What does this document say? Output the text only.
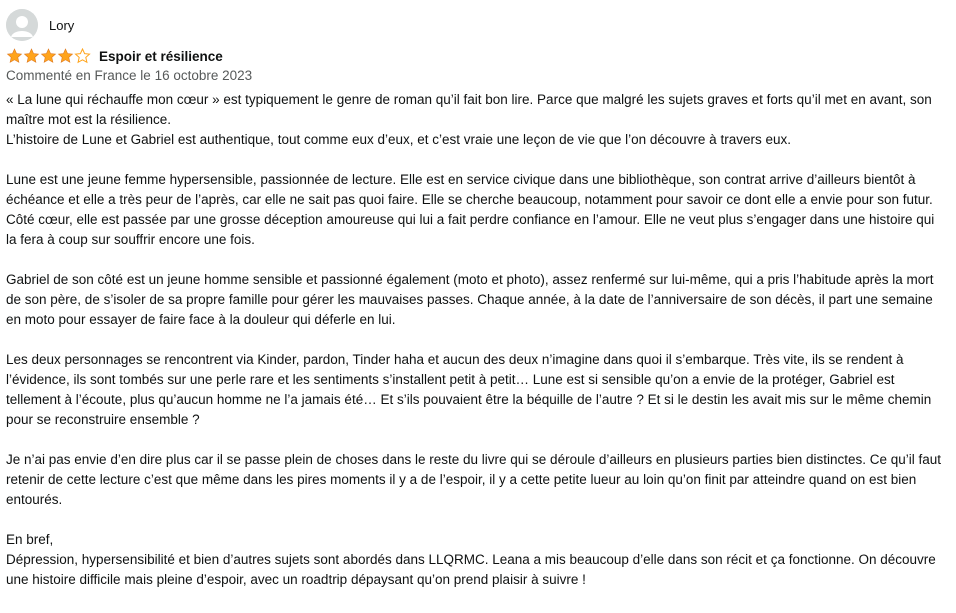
Lory
Espoir et résilience
Commenté en France le 16 octobre 2023

« La lune qui réchauffe mon cœur » est typiquement le genre de roman qu’il fait bon lire. Parce que malgré les sujets graves et forts qu’il met en avant, son maître mot est la résilience.

L’histoire de Lune et Gabriel est authentique, tout comme eux d’eux, et c’est vraie une leçon de vie que l’on découvre à travers eux.

Lune est une jeune femme hypersensible, passionnée de lecture. Elle est en service civique dans une bibliothèque, son contrat arrive d’ailleurs bientôt à échéance et elle a très peur de l’après, car elle ne sait pas quoi faire. Elle se cherche beaucoup, notamment pour savoir ce dont elle a envie pour son futur.

Côté cœur, elle est passée par une grosse déception amoureuse qui lui a fait perdre confiance en l’amour. Elle ne veut plus s’engager dans une histoire qui la fera à coup sur souffrir encore une fois.

Gabriel de son côté est un jeune homme sensible et passionné également (moto et photo), assez renfermé sur lui-même, qui a pris l’habitude après la mort de son père, de s’isoler de sa propre famille pour gérer les mauvaises passes. Chaque année, à la date de l’anniversaire de son décès, il part une semaine en moto pour essayer de faire face à la douleur qui déferle en lui.

Les deux personnages se rencontrent via Kinder, pardon, Tinder haha et aucun des deux n’imagine dans quoi il s’embarque. Très vite, ils se rendent à l’évidence, ils sont tombés sur une perle rare et les sentiments s’installent petit à petit… Lune est si sensible qu’on a envie de la protéger, Gabriel est tellement à l’écoute, plus qu’aucun homme ne l’a jamais été… Et s’ils pouvaient être la béquille de l’autre ? Et si le destin les avait mis sur le même chemin pour se reconstruire ensemble ?

Je n’ai pas envie d’en dire plus car il se passe plein de choses dans le reste du livre qui se déroule d’ailleurs en plusieurs parties bien distinctes. Ce qu’il faut retenir de cette lecture c’est que même dans les pires moments il y a de l’espoir, il y a cette petite lueur au loin qu’on finit par atteindre quand on est bien entourés.

En bref,

Dépression, hypersensibilité et bien d’autres sujets sont abordés dans LLQRMC. Leana a mis beaucoup d’elle dans son récit et ça fonctionne. On découvre une histoire difficile mais pleine d’espoir, avec un roadtrip dépaysant qu’on prend plaisir à suivre !
